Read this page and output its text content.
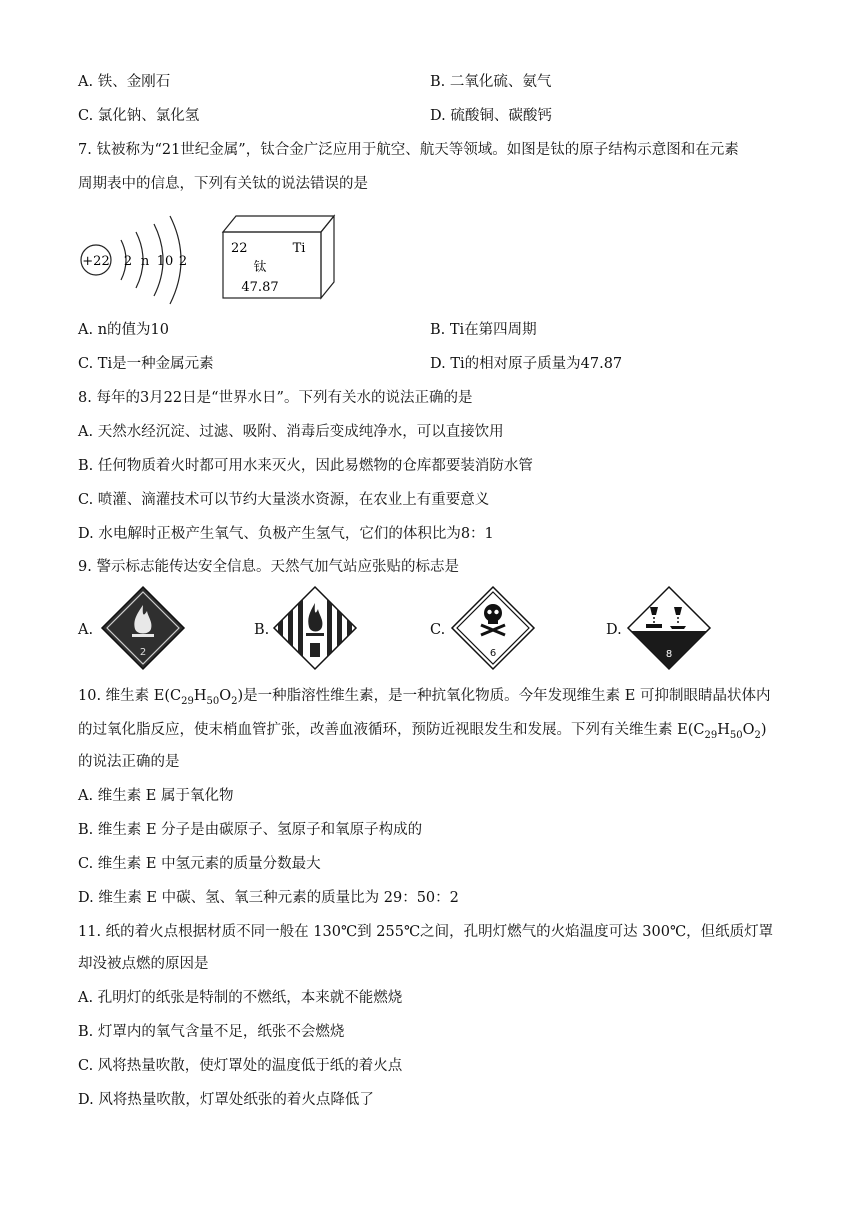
A. 铁、金刚石	B. 二氧化硫、氨气
C. 氯化钠、氯化氢	D. 硫酸铜、碳酸钙
7. 钛被称为“21世纪金属”，钛合金广泛应用于航空、航天等领域。如图是钛的原子结构示意图和在元素
周期表中的信息，下列有关钛的说法错误的是
+22 2 n 10 2
22	Ti
钛
47.87
A. n的值为10	B. Ti在第四周期
C. Ti是一种金属元素	D. Ti的相对原子质量为47.87
8. 每年的3月22日是“世界水日”。下列有关水的说法正确的是
A. 天然水经沉淀、过滤、吸附、消毒后变成纯净水，可以直接饮用
B. 任何物质着火时都可用水来灭火，因此易燃物的仓库都要装消防水管
C. 喷灌、滴灌技术可以节约大量淡水资源，在农业上有重要意义
D. 水电解时正极产生氧气、负极产生氢气，它们的体积比为8：1
9. 警示标志能传达安全信息。天然气加气站应张贴的标志是
A.
2
B.	C.
6
D.
8
10. 维生素 $E(C_{29}H_{50}O_2)$是一种脂溶性维生素，是一种抗氧化物质。今年发现维生素 E 可抑制眼睛晶状体内
的过氧化脂反应，使末梢血管扩张，改善血液循环，预防近视眼发生和发展。下列有关维生素 $E(C_{29}H_{50}O_2)$
的说法正确的是
A. 维生素 E 属于氧化物
B. 维生素 E 分子是由碳原子、氢原子和氧原子构成的
C. 维生素 E 中氢元素的质量分数最大
D. 维生素 E 中碳、氢、氧三种元素的质量比为 29：50：2
11. 纸的着火点根据材质不同一般在 130℃到 255℃之间，孔明灯燃气的火焰温度可达 300℃，但纸质灯罩
却没被点燃的原因是
A. 孔明灯的纸张是特制的不燃纸，本来就不能燃烧
B. 灯罩内的氧气含量不足，纸张不会燃烧
C. 风将热量吹散，使灯罩处的温度低于纸的着火点
D. 风将热量吹散，灯罩处纸张的着火点降低了
